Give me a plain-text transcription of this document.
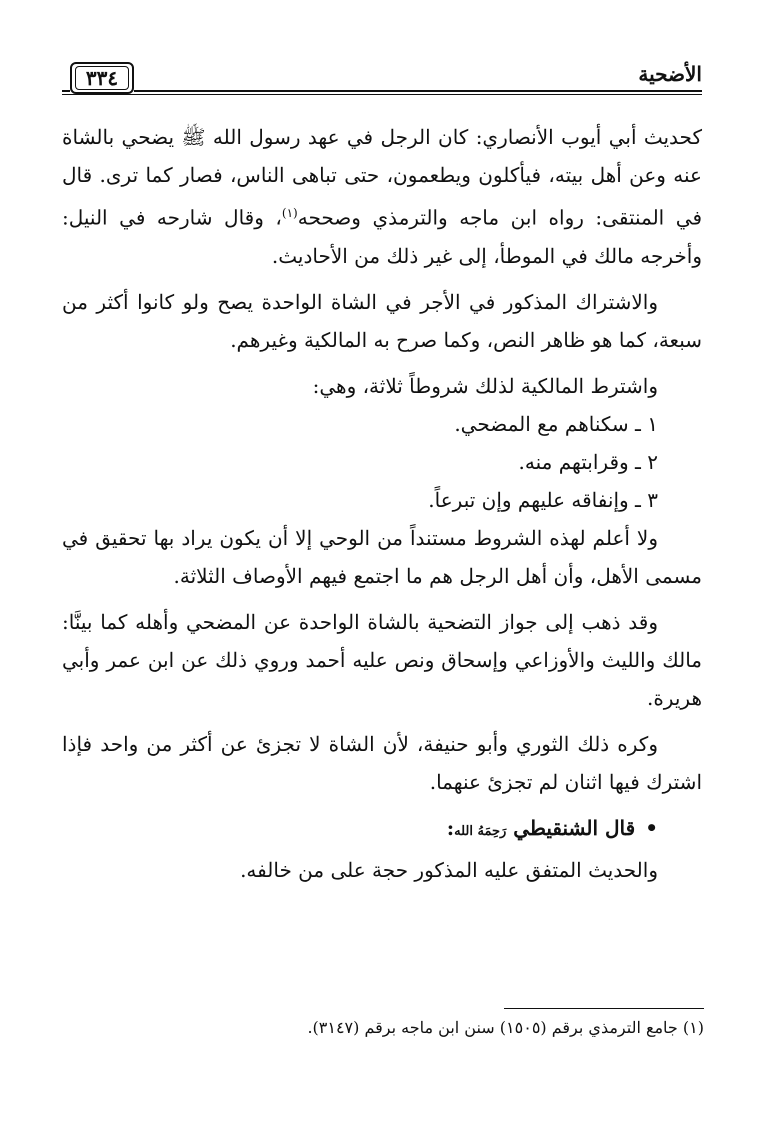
الأضحية
٣٣٤

كحديث أبي أيوب الأنصاري: كان الرجل في عهد رسول الله ﷺ يضحي بالشاة عنه وعن أهل بيته، فيأكلون ويطعمون، حتى تباهى الناس، فصار كما ترى. قال في المنتقى: رواه ابن ماجه والترمذي وصححه$^{(١)}$، وقال شارحه في النيل: وأخرجه مالك في الموطأ، إلى غير ذلك من الأحاديث.

والاشتراك المذكور في الأجر في الشاة الواحدة يصح ولو كانوا أكثر من سبعة، كما هو ظاهر النص، وكما صرح به المالكية وغيرهم.

واشترط المالكية لذلك شروطاً ثلاثة، وهي:
١ ـ سكناهم مع المضحي.
٢ ـ وقرابتهم منه.
٣ ـ وإنفاقه عليهم وإن تبرعاً.

ولا أعلم لهذه الشروط مستنداً من الوحي إلا أن يكون يراد بها تحقيق في مسمى الأهل، وأن أهل الرجل هم ما اجتمع فيهم الأوصاف الثلاثة.

وقد ذهب إلى جواز التضحية بالشاة الواحدة عن المضحي وأهله كما بينَّا: مالك والليث والأوزاعي وإسحاق ونص عليه أحمد وروي ذلك عن ابن عمر وأبي هريرة.

وكره ذلك الثوري وأبو حنيفة، لأن الشاة لا تجزئ عن أكثر من واحد فإذا اشترك فيها اثنان لم تجزئ عنهما.

•قال الشنقيطي رَحِمَهُ الله:
والحديث المتفق عليه المذكور حجة على من خالفه.
(١) جامع الترمذي برقم (١٥٠٥) سنن ابن ماجه برقم (٣١٤٧).
